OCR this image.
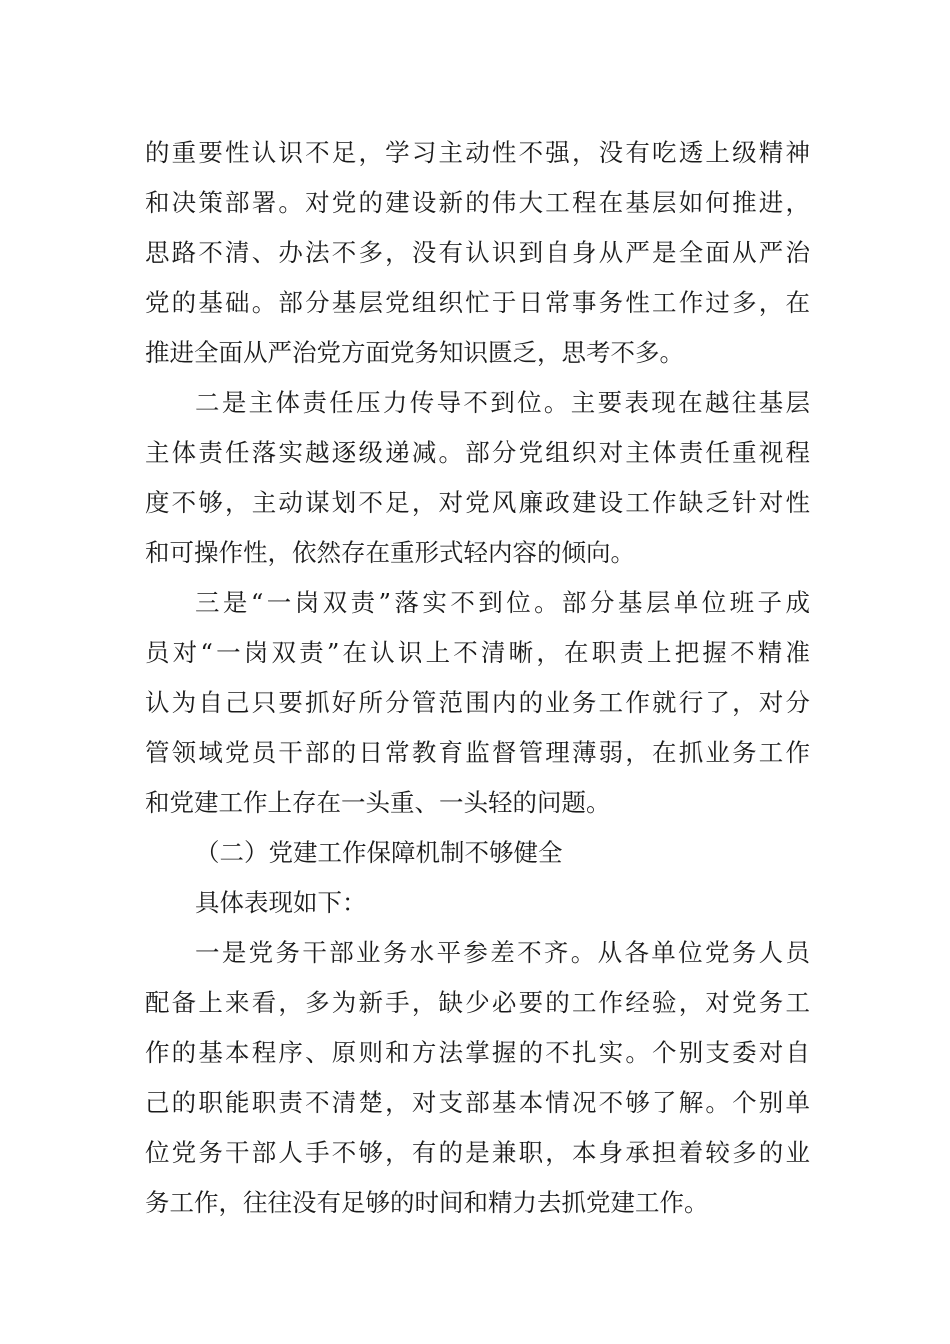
的重要性认识不足，学习主动性不强，没有吃透上级精神
和决策部署。对党的建设新的伟大工程在基层如何推进，
思路不清、办法不多，没有认识到自身从严是全面从严治
党的基础。部分基层党组织忙于日常事务性工作过多，在
推进全面从严治党方面党务知识匮乏，思考不多。
二是主体责任压力传导不到位。主要表现在越往基层
主体责任落实越逐级递减。部分党组织对主体责任重视程
度不够，主动谋划不足，对党风廉政建设工作缺乏针对性
和可操作性，依然存在重形式轻内容的倾向。
三是“一岗双责”落实不到位。部分基层单位班子成
员对“一岗双责”在认识上不清晰，在职责上把握不精准
认为自己只要抓好所分管范围内的业务工作就行了，对分
管领域党员干部的日常教育监督管理薄弱，在抓业务工作
和党建工作上存在一头重、一头轻的问题。
（二）党建工作保障机制不够健全
具体表现如下：
一是党务干部业务水平参差不齐。从各单位党务人员
配备上来看，多为新手，缺少必要的工作经验，对党务工
作的基本程序、原则和方法掌握的不扎实。个别支委对自
己的职能职责不清楚，对支部基本情况不够了解。个别单
位党务干部人手不够，有的是兼职，本身承担着较多的业
务工作，往往没有足够的时间和精力去抓党建工作。
